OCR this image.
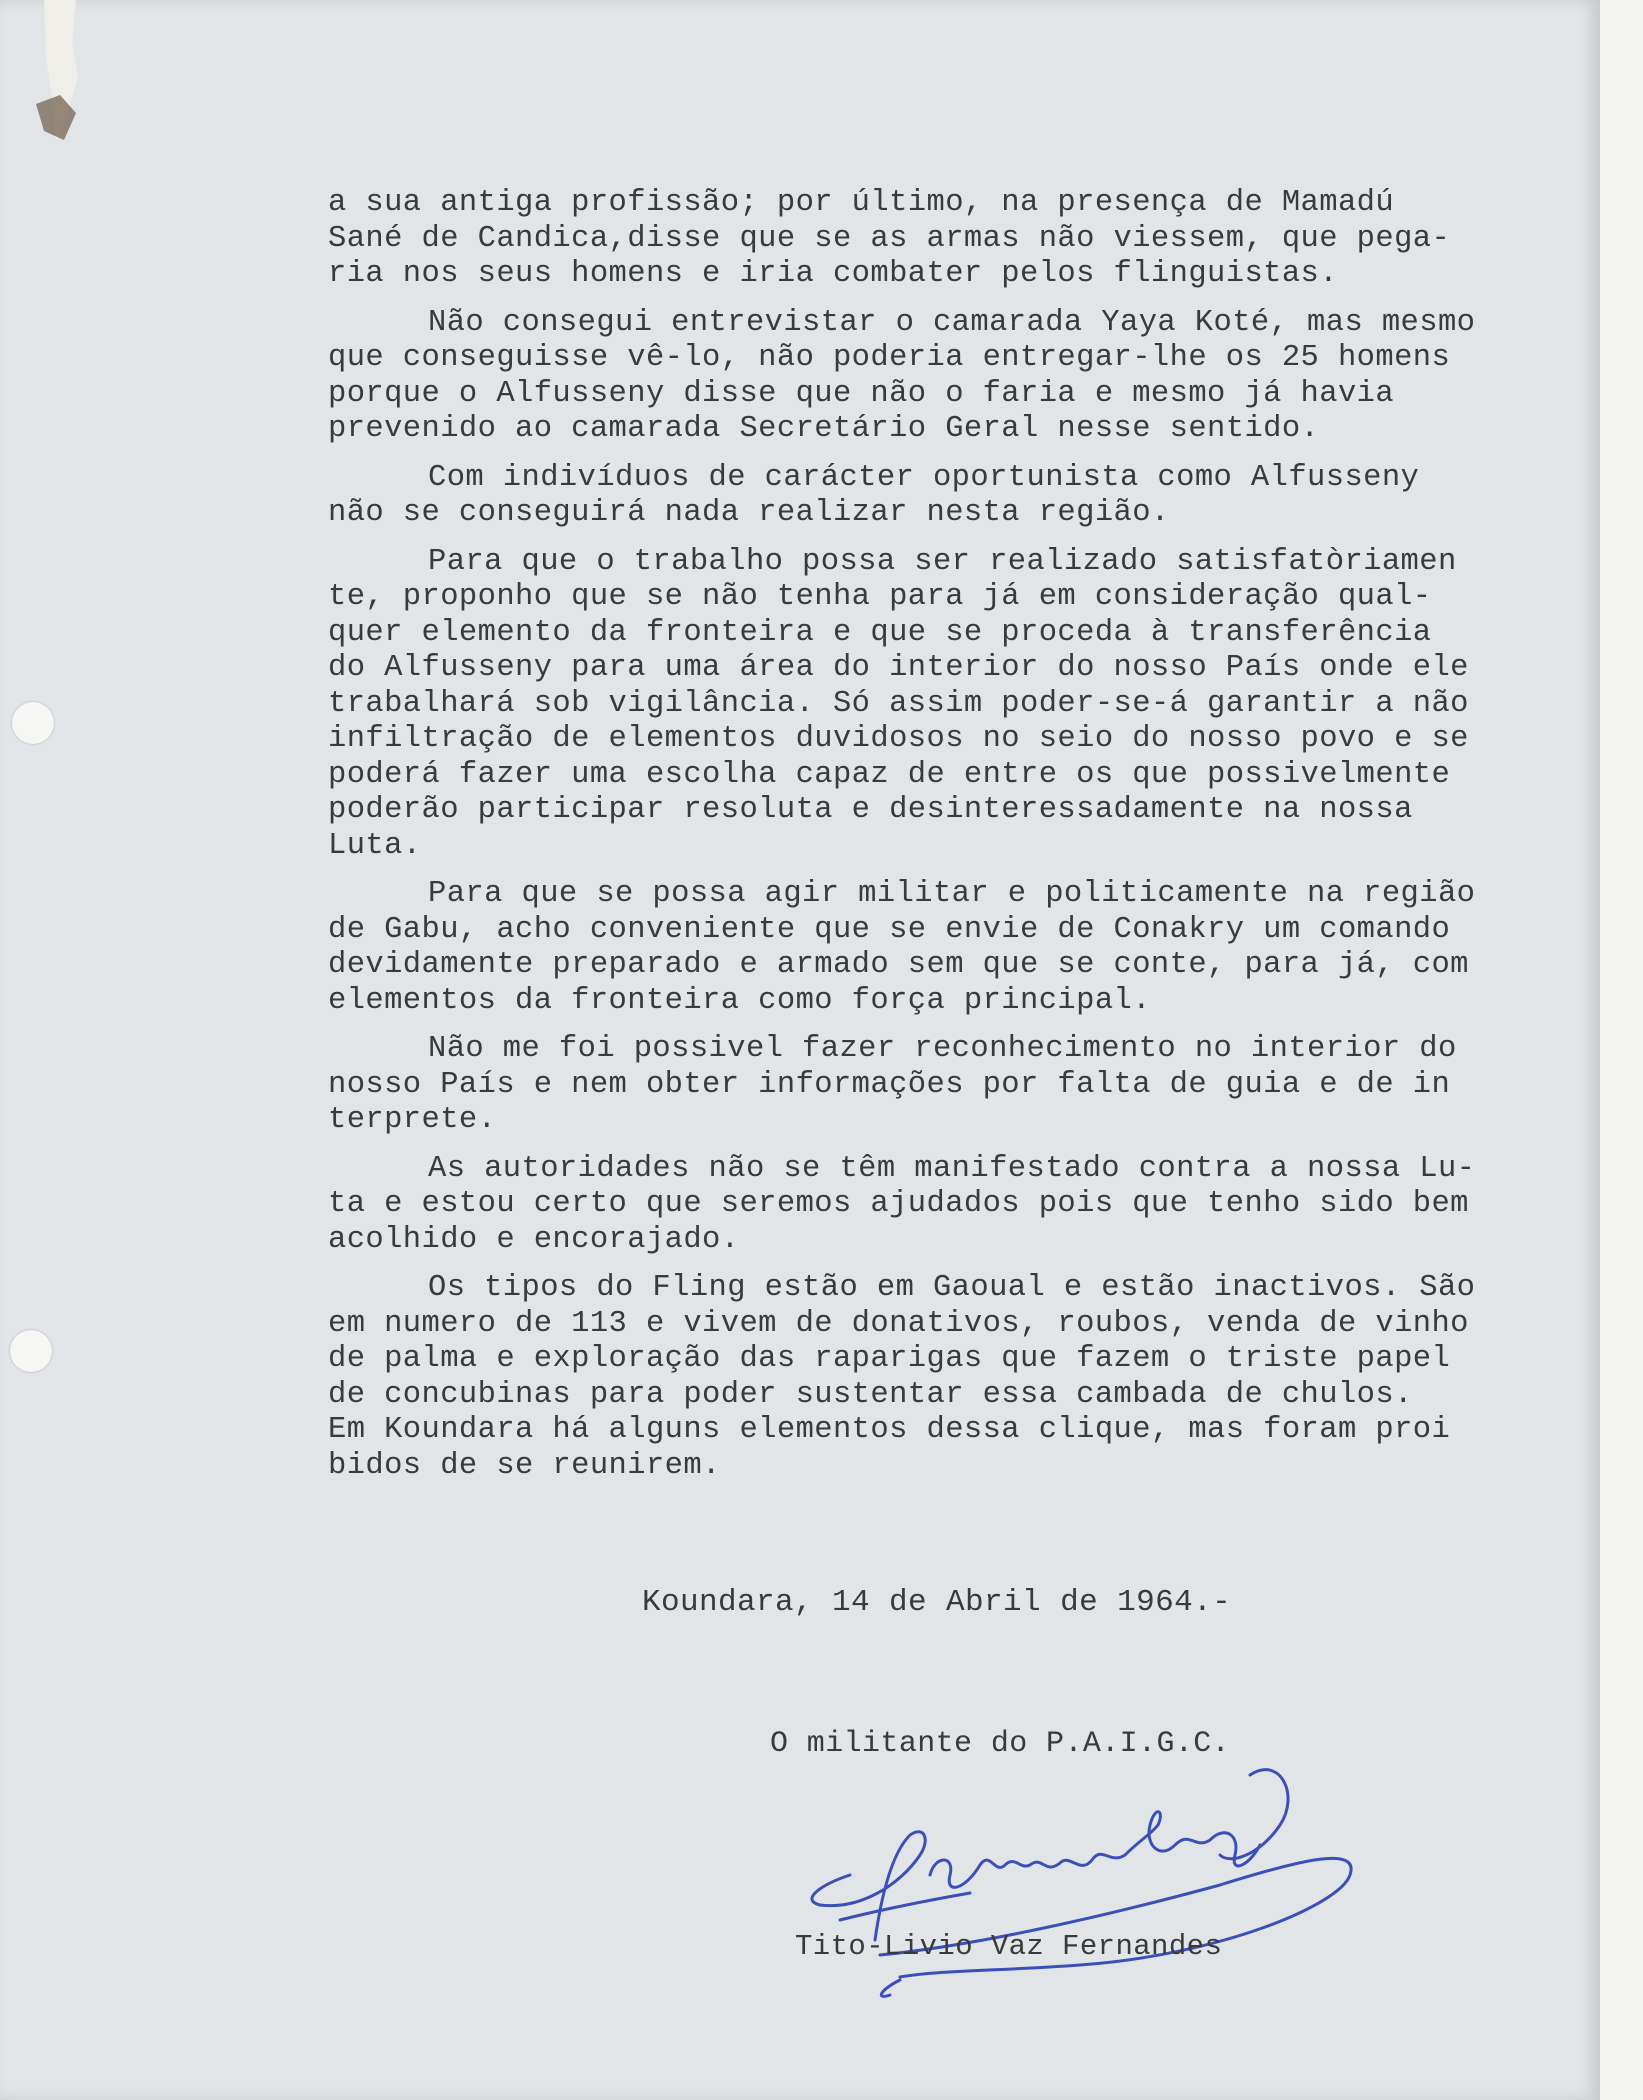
a sua antiga profissão; por último, na presença de Mamadú
Sané de Candica,disse que se as armas não viessem, que pega-
ria nos seus homens e iria combater pelos flinguistas.
Não consegui entrevistar o camarada Yaya Koté, mas mesmo
que conseguisse vê-lo, não poderia entregar-lhe os 25 homens
porque o Alfusseny disse que não o faria e mesmo já havia
prevenido ao camarada Secretário Geral nesse sentido.
Com indivíduos de carácter oportunista como Alfusseny
não se conseguirá nada realizar nesta região.
Para que o trabalho possa ser realizado satisfatòriamen
te, proponho que se não tenha para já em consideração qual-
quer elemento da fronteira e que se proceda à transferência
do Alfusseny para uma área do interior do nosso País onde ele
trabalhará sob vigilância. Só assim poder-se-á garantir a não
infiltração de elementos duvidosos no seio do nosso povo e se
poderá fazer uma escolha capaz de entre os que possivelmente
poderão participar resoluta e desinteressadamente na nossa
Luta.
Para que se possa agir militar e politicamente na região
de Gabu, acho conveniente que se envie de Conakry um comando
devidamente preparado e armado sem que se conte, para já, com
elementos da fronteira como força principal.
Não me foi possivel fazer reconhecimento no interior do
nosso País e nem obter informações por falta de guia e de in
terprete.
As autoridades não se têm manifestado contra a nossa Lu-
ta e estou certo que seremos ajudados pois que tenho sido bem
acolhido e encorajado.
Os tipos do Fling estão em Gaoual e estão inactivos. São
em numero de 113 e vivem de donativos, roubos, venda de vinho
de palma e exploração das raparigas que fazem o triste papel
de concubinas para poder sustentar essa cambada de chulos.
Em Koundara há alguns elementos dessa clique, mas foram proi
bidos de se reunirem.
Koundara, 14 de Abril de 1964.-
O militante do P.A.I.G.C.
Tito-Livio Vaz Fernandes
